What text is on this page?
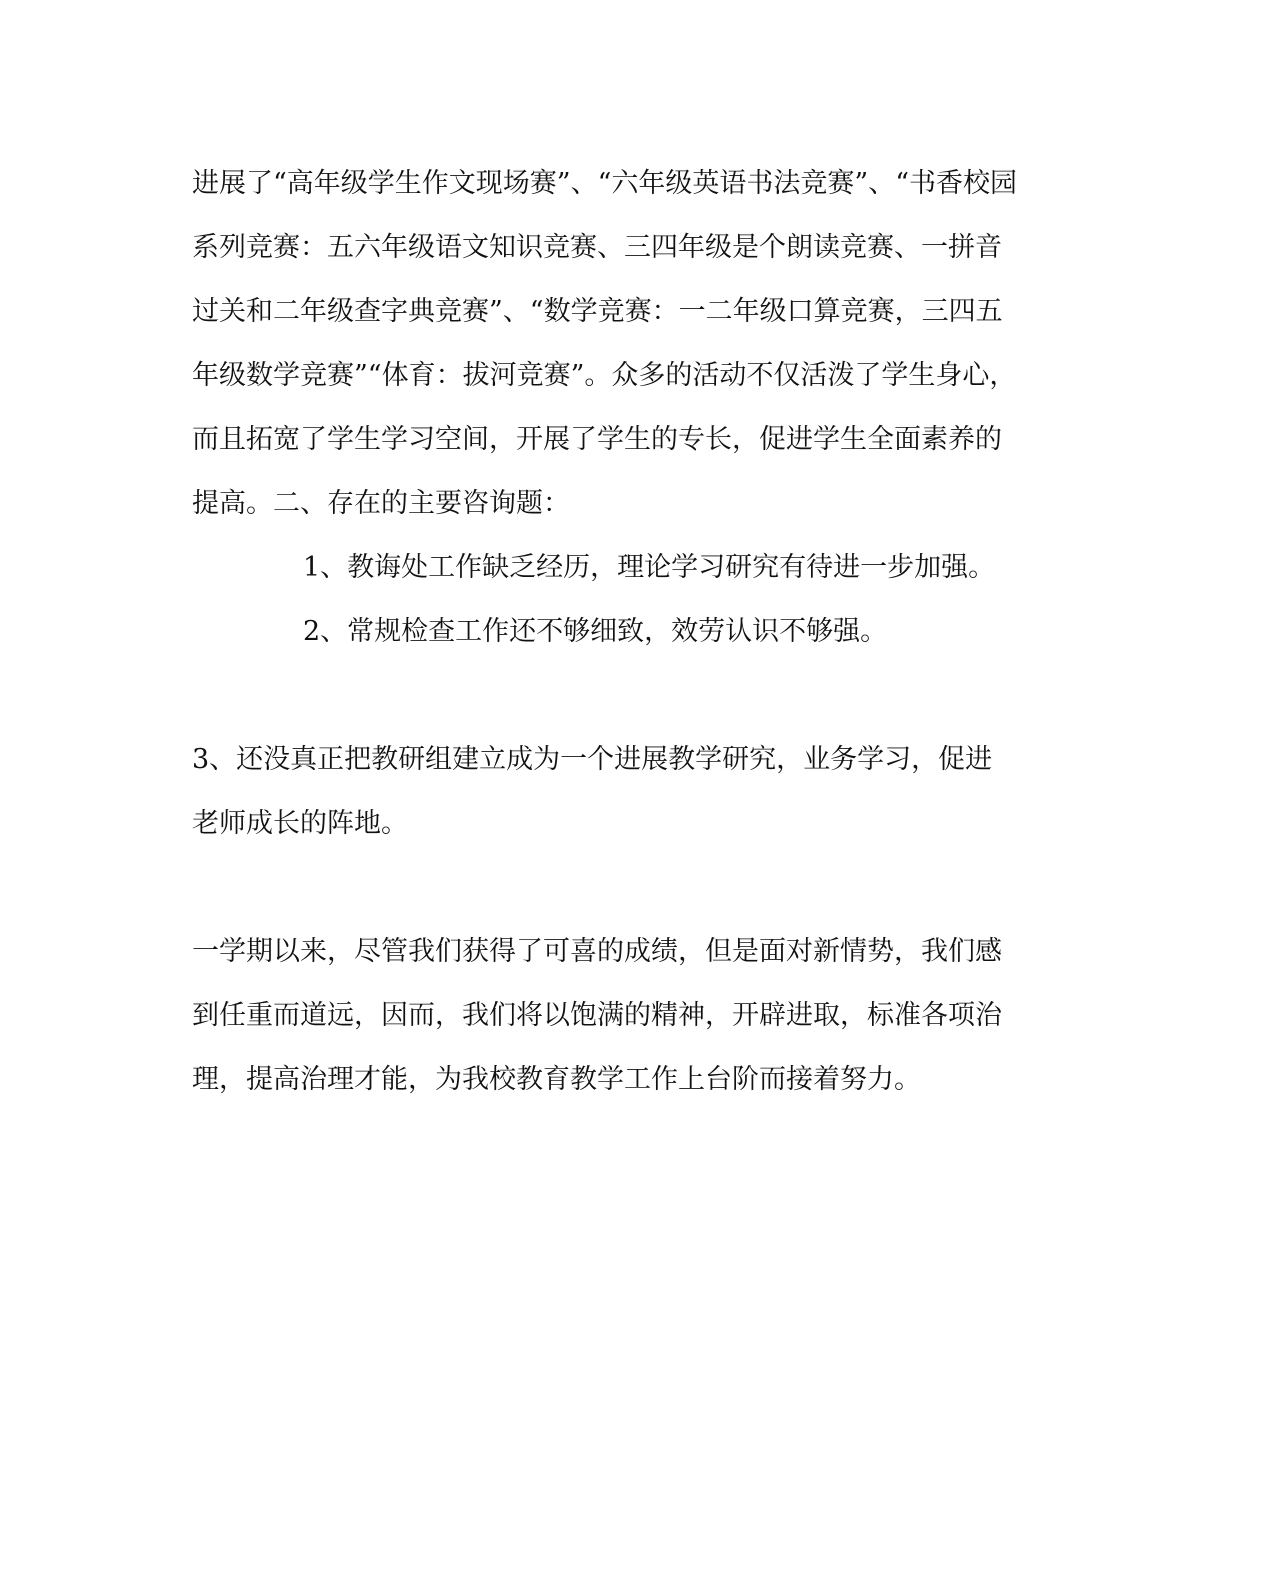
进展了“高年级学生作文现场赛”、“六年级英语书法竞赛”、“书香校园
系列竞赛：五六年级语文知识竞赛、三四年级是个朗读竞赛、一拼音
过关和二年级查字典竞赛”、“数学竞赛：一二年级口算竞赛，三四五
年级数学竞赛”“体育：拔河竞赛”。众多的活动不仅活泼了学生身心，
而且拓宽了学生学习空间，开展了学生的专长，促进学生全面素养的
提高。二、存在的主要咨询题：
1、教诲处工作缺乏经历，理论学习研究有待进一步加强。
2、常规检查工作还不够细致，效劳认识不够强。
3、还没真正把教研组建立成为一个进展教学研究，业务学习，促进
老师成长的阵地。
一学期以来，尽管我们获得了可喜的成绩，但是面对新情势，我们感
到任重而道远，因而，我们将以饱满的精神，开辟进取，标准各项治
理，提高治理才能，为我校教育教学工作上台阶而接着努力。
